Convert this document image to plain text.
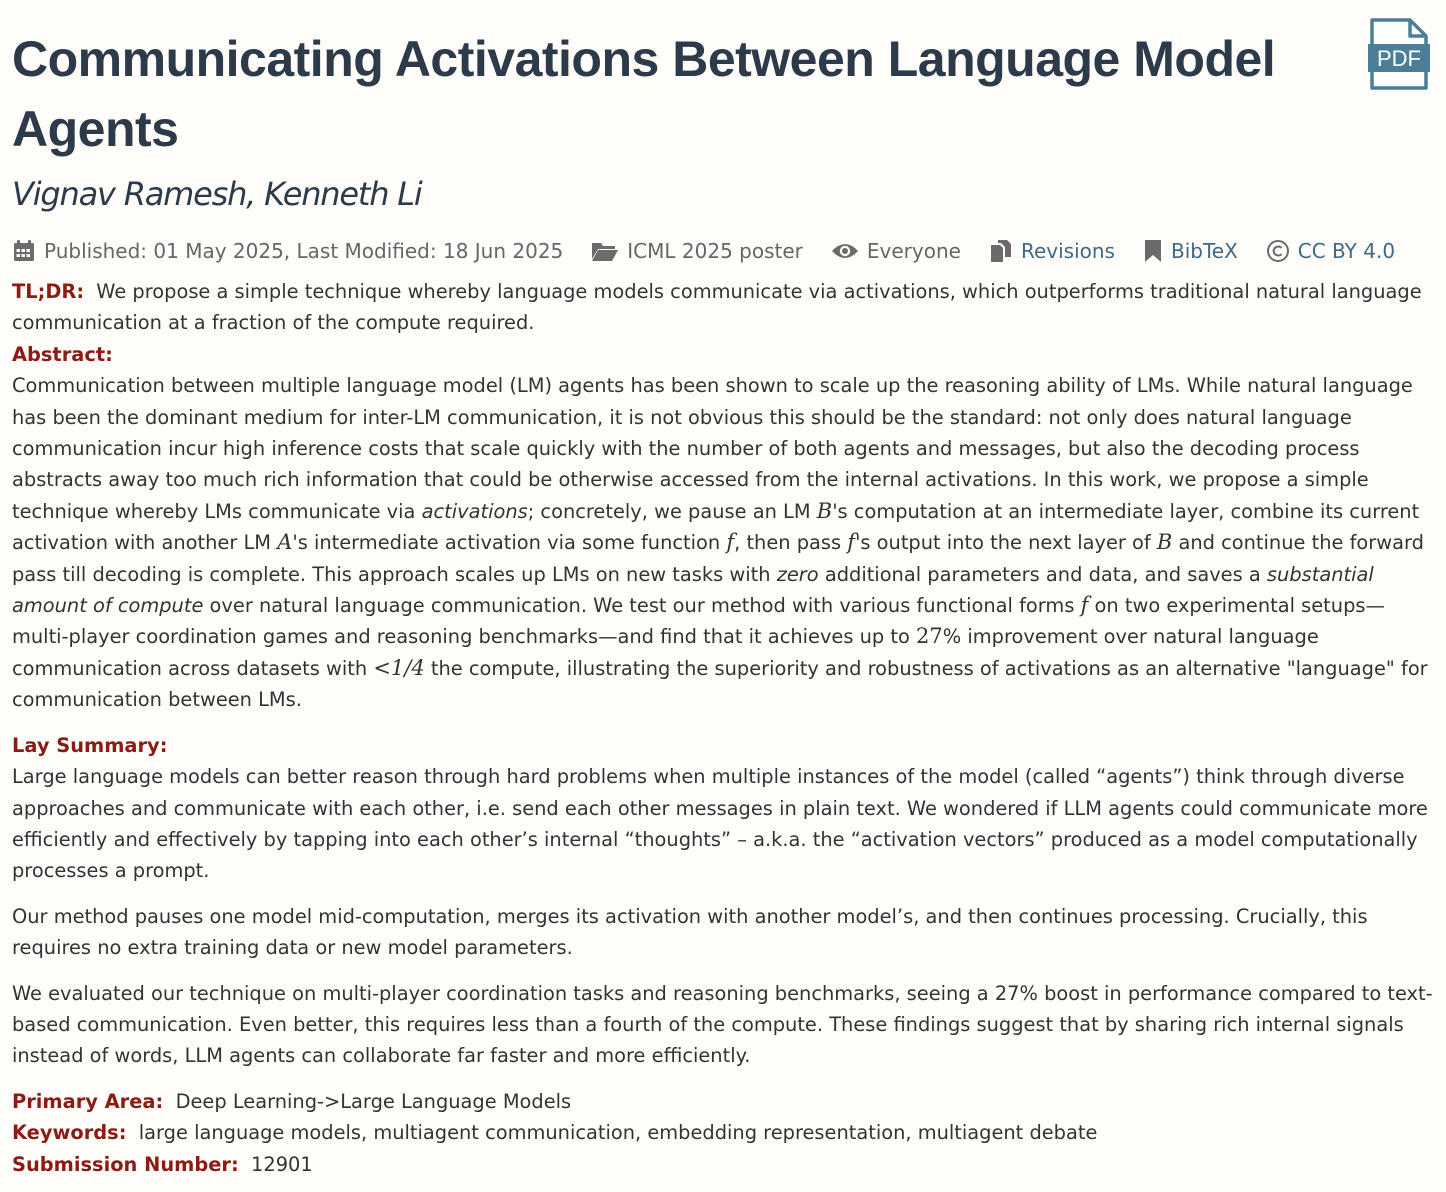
Communicating Activations Between Language Model Agents
PDF
Vignav Ramesh, Kenneth Li
Published: 01 May 2025, Last Modified: 18 Jun 2025	ICML 2025 poster	Everyone	Revisions	BibTeX	CC BY 4.0

TL;DR: We propose a simple technique whereby language models communicate via activations, which outperforms traditional natural language communication at a fraction of the compute required.

Abstract:

Communication between multiple language model (LM) agents has been shown to scale up the reasoning ability of LMs. While natural language has been the dominant medium for inter-LM communication, it is not obvious this should be the standard: not only does natural language communication incur high inference costs that scale quickly with the number of both agents and messages, but also the decoding process abstracts away too much rich information that could be otherwise accessed from the internal activations. In this work, we propose a simple technique whereby LMs communicate via activations; concretely, we pause an LM B's computation at an intermediate layer, combine its current activation with another LM A's intermediate activation via some function f, then pass f's output into the next layer of B and continue the forward pass till decoding is complete. This approach scales up LMs on new tasks with zero additional parameters and data, and saves a substantial amount of compute over natural language communication. We test our method with various functional forms f on two experimental setups—multi-player coordination games and reasoning benchmarks—and find that it achieves up to 27% improvement over natural language communication across datasets with <1/4 the compute, illustrating the superiority and robustness of activations as an alternative "language" for communication between LMs.

Lay Summary:

Large language models can better reason through hard problems when multiple instances of the model (called “agents”) think through diverse approaches and communicate with each other, i.e. send each other messages in plain text. We wondered if LLM agents could communicate more efficiently and effectively by tapping into each other’s internal “thoughts” – a.k.a. the “activation vectors” produced as a model computationally processes a prompt.

Our method pauses one model mid-computation, merges its activation with another model’s, and then continues processing. Crucially, this requires no extra training data or new model parameters.

We evaluated our technique on multi-player coordination tasks and reasoning benchmarks, seeing a 27% boost in performance compared to text-based communication. Even better, this requires less than a fourth of the compute. These findings suggest that by sharing rich internal signals instead of words, LLM agents can collaborate far faster and more efficiently.

Primary Area: Deep Learning->Large Language Models

Keywords: large language models, multiagent communication, embedding representation, multiagent debate

Submission Number: 12901
